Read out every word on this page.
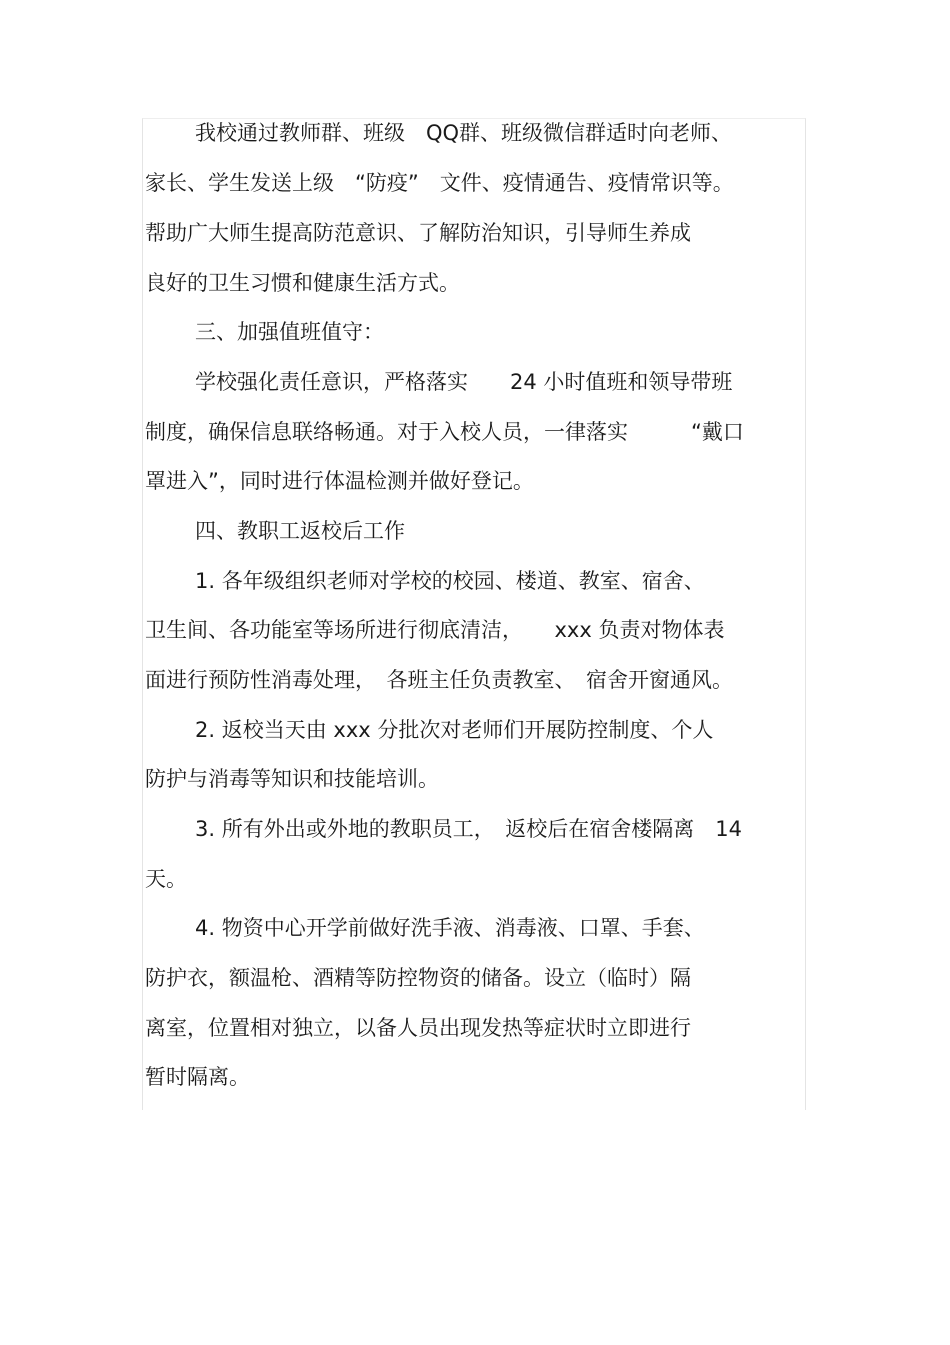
我校通过教师群、班级　QQ群、班级微信群适时向老师、
家长、学生发送上级　“防疫”　文件、疫情通告、疫情常识等。
帮助广大师生提高防范意识、了解防治知识，引导师生养成
良好的卫生习惯和健康生活方式。
三、加强值班值守：
学校强化责任意识，严格落实　　24 小时值班和领导带班
制度，确保信息联络畅通。对于入校人员，一律落实　　　“戴口
罩进入”，同时进行体温检测并做好登记。
四、教职工返校后工作
1. 各年级组织老师对学校的校园、楼道、教室、宿舍、
卫生间、各功能室等场所进行彻底清洁，　　xxx 负责对物体表
面进行预防性消毒处理，　各班主任负责教室、　宿舍开窗通风。
2. 返校当天由 xxx 分批次对老师们开展防控制度、个人
防护与消毒等知识和技能培训。
3. 所有外出或外地的教职员工，　返校后在宿舍楼隔离　14
天。
4. 物资中心开学前做好洗手液、消毒液、口罩、手套、
防护衣，额温枪、酒精等防控物资的储备。设立（临时）隔
离室，位置相对独立，以备人员出现发热等症状时立即进行
暂时隔离。
